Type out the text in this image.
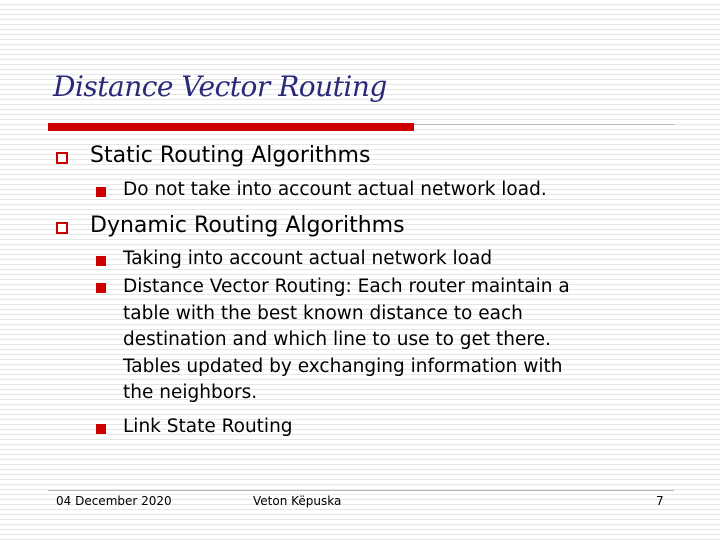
Distance Vector Routing
Static Routing Algorithms
Do not take into account actual network load.
Dynamic Routing Algorithms
Taking into account actual network load
Distance Vector Routing: Each router maintain a
table with the best known distance to each
destination and which line to use to get there.
Tables updated by exchanging information with
the neighbors.
Link State Routing
04 December 2020	Veton Këpuska	7
